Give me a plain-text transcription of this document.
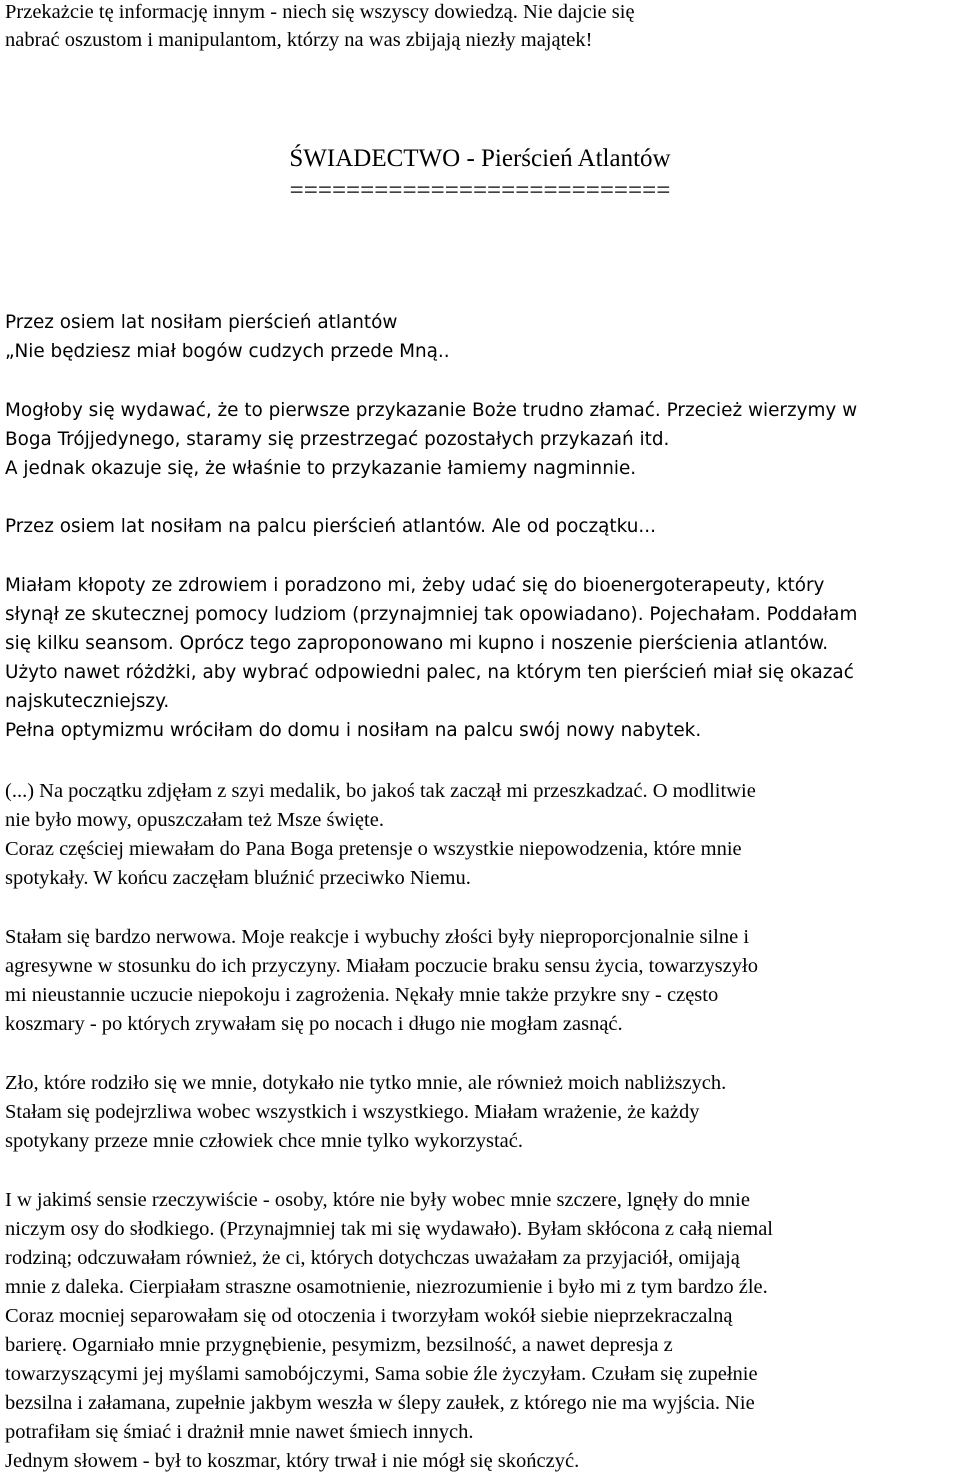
Przekażcie tę informację innym - niech się wszyscy dowiedzą. Nie dajcie się
nabrać oszustom i manipulantom, którzy na was zbijają niezły majątek!
ŚWIADECTWO - Pierścień Atlantów
===========================
Przez osiem lat nosiłam pierścień atlantów
„Nie będziesz miał bogów cudzych przede Mną..
Mogłoby się wydawać, że to pierwsze przykazanie Boże trudno złamać. Przecież wierzymy w
Boga Trójjedynego, staramy się przestrzegać pozostałych przykazań itd.
A jednak okazuje się, że właśnie to przykazanie łamiemy nagminnie.
Przez osiem lat nosiłam na palcu pierścień atlantów. Ale od początku...
Miałam kłopoty ze zdrowiem i poradzono mi, żeby udać się do bioenergoterapeuty, który
słynął ze skutecznej pomocy ludziom (przynajmniej tak opowiadano). Pojechałam. Poddałam
się kilku seansom. Oprócz tego zaproponowano mi kupno i noszenie pierścienia atlantów.
Użyto nawet różdżki, aby wybrać odpowiedni palec, na którym ten pierścień miał się okazać
najskuteczniejszy.
Pełna optymizmu wróciłam do domu i nosiłam na palcu swój nowy nabytek.
(...) Na początku zdjęłam z szyi medalik, bo jakoś tak zaczął mi przeszkadzać. O modlitwie
nie było mowy, opuszczałam też Msze święte.
Coraz częściej miewałam do Pana Boga pretensje o wszystkie niepowodzenia, które mnie
spotykały. W końcu zaczęłam bluźnić przeciwko Niemu.
Stałam się bardzo nerwowa. Moje reakcje i wybuchy złości były nieproporcjonalnie silne i
agresywne w stosunku do ich przyczyny. Miałam poczucie braku sensu życia, towarzyszyło
mi nieustannie uczucie niepokoju i zagrożenia. Nękały mnie także przykre sny - często
koszmary - po których zrywałam się po nocach i długo nie mogłam zasnąć.
Zło, które rodziło się we mnie, dotykało nie tytko mnie, ale również moich nabliższych.
Stałam się podejrzliwa wobec wszystkich i wszystkiego. Miałam wrażenie, że każdy
spotykany przeze mnie człowiek chce mnie tylko wykorzystać.
I w jakimś sensie rzeczywiście - osoby, które nie były wobec mnie szczere, lgnęły do mnie
niczym osy do słodkiego. (Przynajmniej tak mi się wydawało). Byłam skłócona z całą niemal
rodziną; odczuwałam również, że ci, których dotychczas uważałam za przyjaciół, omijają
mnie z daleka. Cierpiałam straszne osamotnienie, niezrozumienie i było mi z tym bardzo źle.
Coraz mocniej separowałam się od otoczenia i tworzyłam wokół siebie nieprzekraczalną
barierę. Ogarniało mnie przygnębienie, pesymizm, bezsilność, a nawet depresja z
towarzyszącymi jej myślami samobójczymi, Sama sobie źle życzyłam. Czułam się zupełnie
bezsilna i załamana, zupełnie jakbym weszła w ślepy zaułek, z którego nie ma wyjścia. Nie
potrafiłam się śmiać i drażnił mnie nawet śmiech innych.
Jednym słowem - był to koszmar, który trwał i nie mógł się skończyć.
